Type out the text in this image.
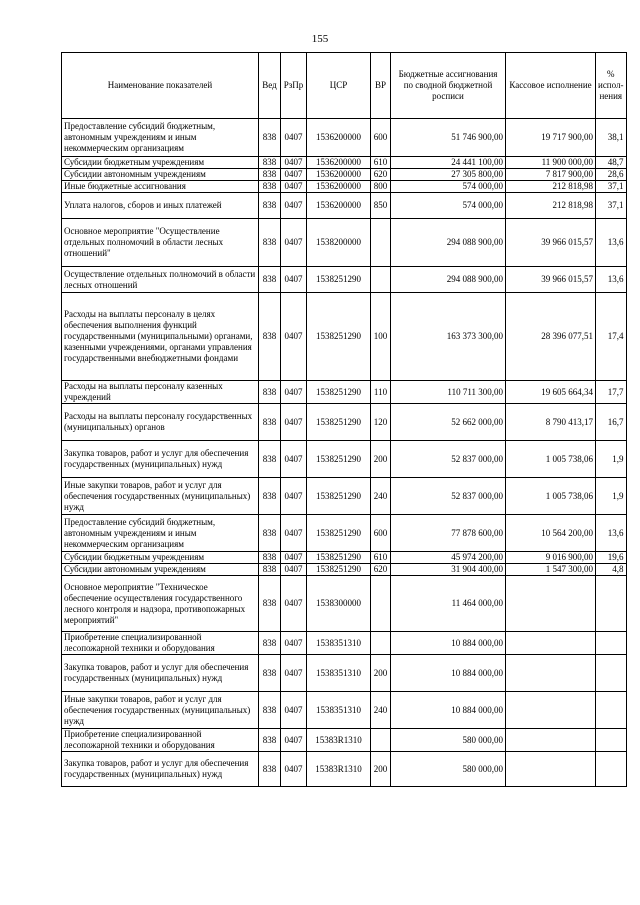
155
Наименование показателей	Вед	РзПр	ЦСР	ВР	Бюджетные ассигнования по сводной бюджетной росписи	Кассовое исполнение	% испол-нения
Предоставление субсидий бюджетным, автономным учреждениям и иным некоммерческим организациям	838	0407	1536200000	600	51 746 900,00	19 717 900,00	38,1
Субсидии бюджетным учреждениям	838	0407	1536200000	610	24 441 100,00	11 900 000,00	48,7
Субсидии автономным учреждениям	838	0407	1536200000	620	27 305 800,00	7 817 900,00	28,6
Иные бюджетные ассигнования	838	0407	1536200000	800	574 000,00	212 818,98	37,1
Уплата налогов, сборов и иных платежей	838	0407	1536200000	850	574 000,00	212 818,98	37,1
Основное мероприятие "Осуществление отдельных полномочий в области лесных отношений"	838	0407	1538200000		294 088 900,00	39 966 015,57	13,6
Осуществление отдельных полномочий в области лесных отношений	838	0407	1538251290		294 088 900,00	39 966 015,57	13,6
Расходы на выплаты персоналу в целях обеспечения выполнения функций государственными (муниципальными) органами, казенными учреждениями, органами управления государственными внебюджетными фондами	838	0407	1538251290	100	163 373 300,00	28 396 077,51	17,4
Расходы на выплаты персоналу казенных учреждений	838	0407	1538251290	110	110 711 300,00	19 605 664,34	17,7
Расходы на выплаты персоналу государственных (муниципальных) органов	838	0407	1538251290	120	52 662 000,00	8 790 413,17	16,7
Закупка товаров, работ и услуг для обеспечения государственных (муниципальных) нужд	838	0407	1538251290	200	52 837 000,00	1 005 738,06	1,9
Иные закупки товаров, работ и услуг для обеспечения государственных (муниципальных) нужд	838	0407	1538251290	240	52 837 000,00	1 005 738,06	1,9
Предоставление субсидий бюджетным, автономным учреждениям и иным некоммерческим организациям	838	0407	1538251290	600	77 878 600,00	10 564 200,00	13,6
Субсидии бюджетным учреждениям	838	0407	1538251290	610	45 974 200,00	9 016 900,00	19,6
Субсидии автономным учреждениям	838	0407	1538251290	620	31 904 400,00	1 547 300,00	4,8
Основное мероприятие "Техническое обеспечение осуществления государственного лесного контроля и надзора, противопожарных мероприятий"	838	0407	1538300000		11 464 000,00		
Приобретение специализированной лесопожарной техники и оборудования	838	0407	1538351310		10 884 000,00		
Закупка товаров, работ и услуг для обеспечения государственных (муниципальных) нужд	838	0407	1538351310	200	10 884 000,00		
Иные закупки товаров, работ и услуг для обеспечения государственных (муниципальных) нужд	838	0407	1538351310	240	10 884 000,00		
Приобретение специализированной лесопожарной техники и оборудования	838	0407	15383R1310		580 000,00		
Закупка товаров, работ и услуг для обеспечения государственных (муниципальных) нужд	838	0407	15383R1310	200	580 000,00		
